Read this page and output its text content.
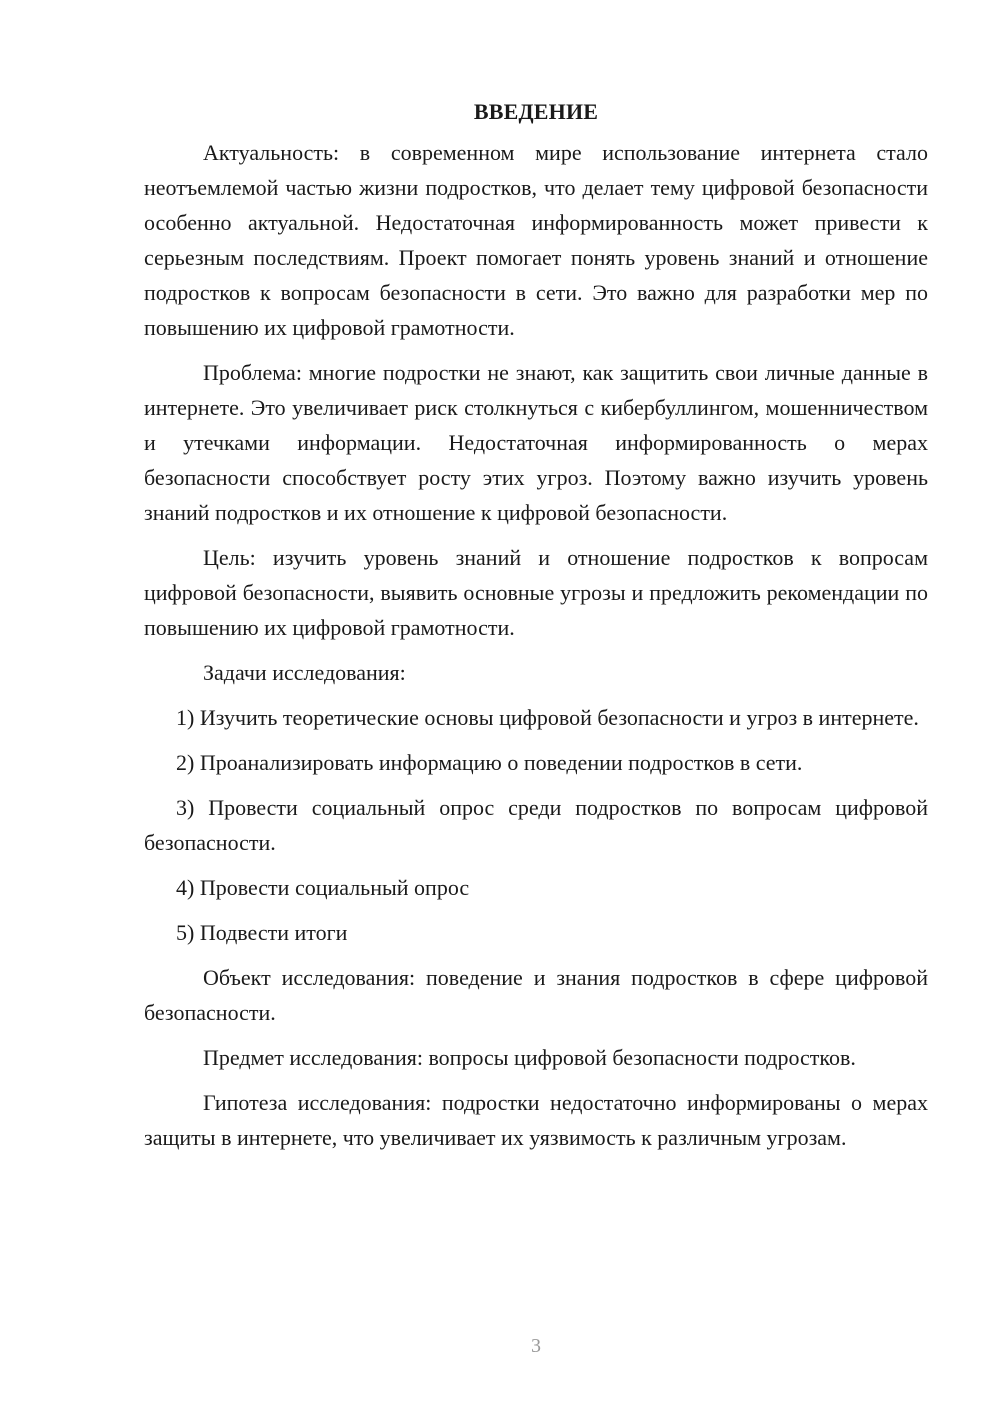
ВВЕДЕНИЕ

Актуальность: в современном мире использование интернета стало неотъемлемой частью жизни подростков, что делает тему цифровой безопасности особенно актуальной. Недостаточная информированность может привести к серьезным последствиям. Проект помогает понять уровень знаний и отношение подростков к вопросам безопасности в сети. Это важно для разработки мер по повышению их цифровой грамотности.

Проблема: многие подростки не знают, как защитить свои личные данные в интернете. Это увеличивает риск столкнуться с кибербуллингом, мошенничеством и утечками информации. Недостаточная информированность о мерах безопасности способствует росту этих угроз. Поэтому важно изучить уровень знаний подростков и их отношение к цифровой безопасности.

Цель: изучить уровень знаний и отношение подростков к вопросам цифровой безопасности, выявить основные угрозы и предложить рекомендации по повышению их цифровой грамотности.

Задачи исследования:

1) Изучить теоретические основы цифровой безопасности и угроз в интернете.

2) Проанализировать информацию о поведении подростков в сети.

3) Провести социальный опрос среди подростков по вопросам цифровой безопасности.

4) Провести социальный опрос

5) Подвести итоги

Объект исследования: поведение и знания подростков в сфере цифровой безопасности.

Предмет исследования: вопросы цифровой безопасности подростков.

Гипотеза исследования: подростки недостаточно информированы о мерах защиты в интернете, что увеличивает их уязвимость к различным угрозам.

3
